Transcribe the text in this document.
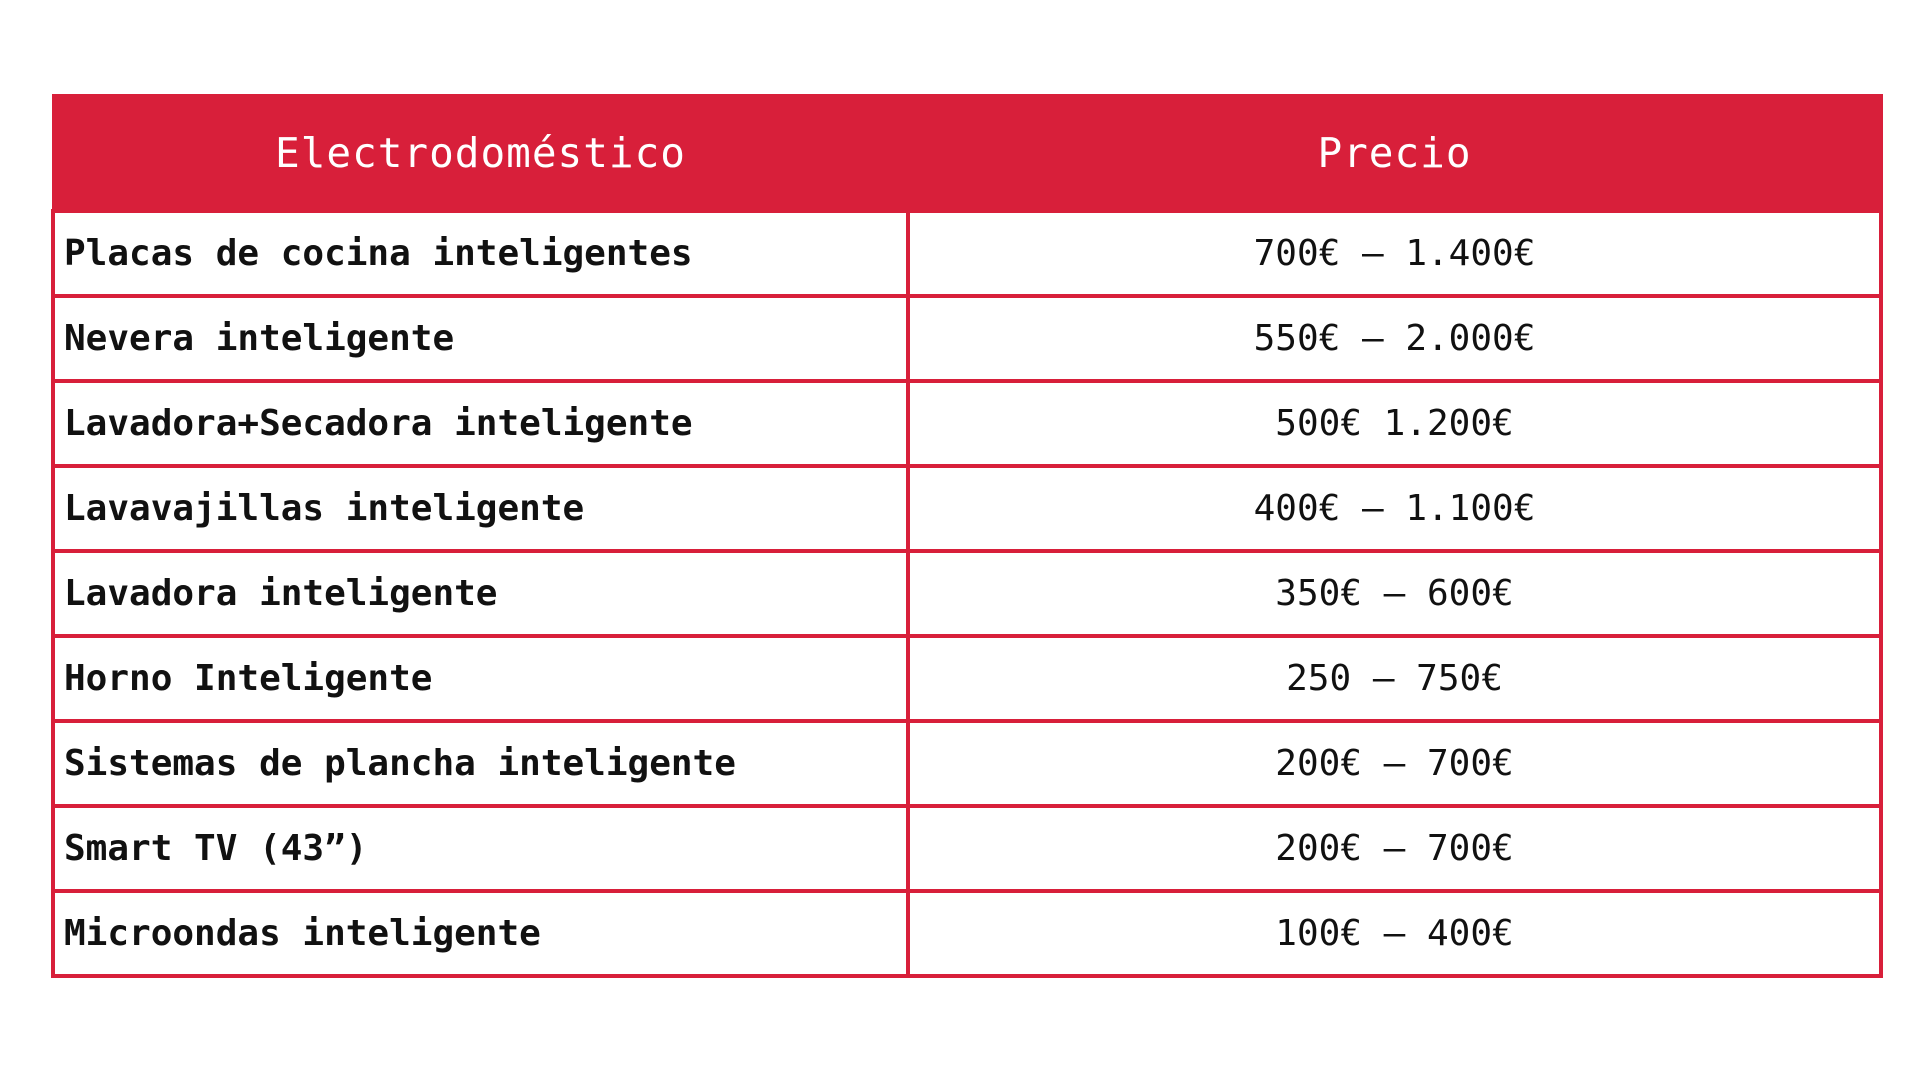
Electrodoméstico	Precio
Placas de cocina inteligentes	700€ – 1.400€
Nevera inteligente	550€ – 2.000€
Lavadora+Secadora inteligente	500€ 1.200€
Lavavajillas inteligente	400€ – 1.100€
Lavadora inteligente	350€ – 600€
Horno Inteligente	250 – 750€
Sistemas de plancha inteligente	200€ – 700€
Smart TV (43”)	200€ – 700€
Microondas inteligente	100€ – 400€
